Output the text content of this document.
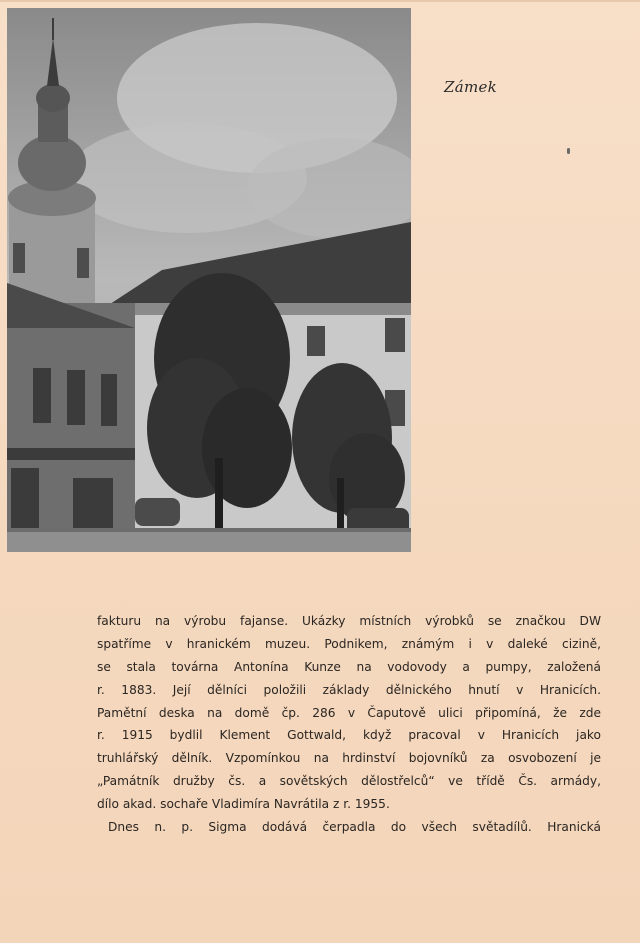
Zámek
fakturu na výrobu fajanse. Ukázky místních výrobků se značkou DW
spatříme v hranickém muzeu. Podnikem, známým i v daleké cizině,
se stala továrna Antonína Kunze na vodovody a pumpy, založená
r. 1883. Její dělníci položili základy dělnického hnutí v Hranicích.
Pamětní deska na domě čp. 286 v Čaputově ulici připomíná, že zde
r. 1915 bydlil Klement Gottwald, když pracoval v Hranicích jako
truhlářský dělník. Vzpomínkou na hrdinství bojovníků za osvobození je
„Památník družby čs. a sovětských dělostřelců“ ve třídě Čs. armády,
dílo akad. sochaře Vladimíra Navrátila z r. 1955.
Dnes n. p. Sigma dodává čerpadla do všech světadílů. Hranická
